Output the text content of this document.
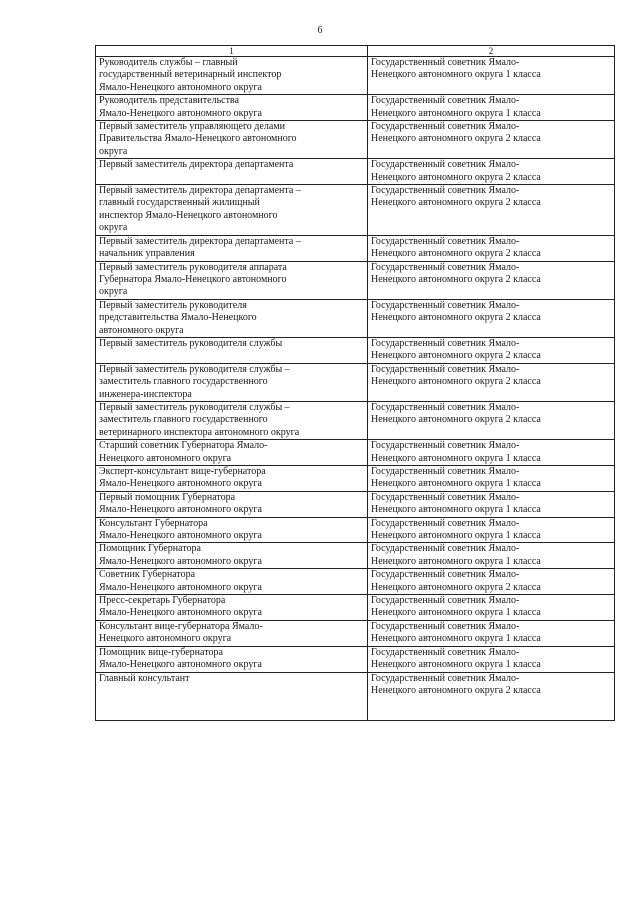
6
1	2

Руководитель службы – главный
государственный ветеринарный инспектор
Ямало-Ненецкого автономного округа	Государственный советник Ямало-
Ненецкого автономного округа 1 класса

Руководитель представительства
Ямало-Ненецкого автономного округа	Государственный советник Ямало-
Ненецкого автономного округа 1 класса

Первый заместитель управляющего делами
Правительства Ямало-Ненецкого автономного
округа	Государственный советник Ямало-
Ненецкого автономного округа 2 класса

Первый заместитель директора департамента	Государственный советник Ямало-
Ненецкого автономного округа 2 класса

Первый заместитель директора департамента –
главный государственный жилищный
инспектор Ямало-Ненецкого автономного
округа	Государственный советник Ямало-
Ненецкого автономного округа 2 класса

Первый заместитель директора департамента –
начальник управления	Государственный советник Ямало-
Ненецкого автономного округа 2 класса

Первый заместитель руководителя аппарата
Губернатора Ямало-Ненецкого автономного
округа	Государственный советник Ямало-
Ненецкого автономного округа 2 класса

Первый заместитель руководителя
представительства Ямало-Ненецкого
автономного округа	Государственный советник Ямало-
Ненецкого автономного округа 2 класса

Первый заместитель руководителя службы	Государственный советник Ямало-
Ненецкого автономного округа 2 класса

Первый заместитель руководителя службы –
заместитель главного государственного
инженера-инспектора	Государственный советник Ямало-
Ненецкого автономного округа 2 класса

Первый заместитель руководителя службы –
заместитель главного государственного
ветеринарного инспектора автономного округа	Государственный советник Ямало-
Ненецкого автономного округа 2 класса

Старший советник Губернатора Ямало-
Ненецкого автономного округа	Государственный советник Ямало-
Ненецкого автономного округа 1 класса

Эксперт-консультант вице-губернатора
Ямало-Ненецкого автономного округа	Государственный советник Ямало-
Ненецкого автономного округа 1 класса

Первый помощник Губернатора
Ямало-Ненецкого автономного округа	Государственный советник Ямало-
Ненецкого автономного округа 1 класса

Консультант Губернатора
Ямало-Ненецкого автономного округа	Государственный советник Ямало-
Ненецкого автономного округа 1 класса

Помощник Губернатора
Ямало-Ненецкого автономного округа	Государственный советник Ямало-
Ненецкого автономного округа 1 класса

Советник Губернатора
Ямало-Ненецкого автономного округа	Государственный советник Ямало-
Ненецкого автономного округа 2 класса

Пресс-секретарь Губернатора
Ямало-Ненецкого автономного округа	Государственный советник Ямало-
Ненецкого автономного округа 1 класса

Консультант вице-губернатора Ямало-
Ненецкого автономного округа	Государственный советник Ямало-
Ненецкого автономного округа 1 класса

Помощник вице-губернатора
Ямало-Ненецкого автономного округа	Государственный советник Ямало-
Ненецкого автономного округа 1 класса

Главный консультант	Государственный советник Ямало-
Ненецкого автономного округа 2 класса
